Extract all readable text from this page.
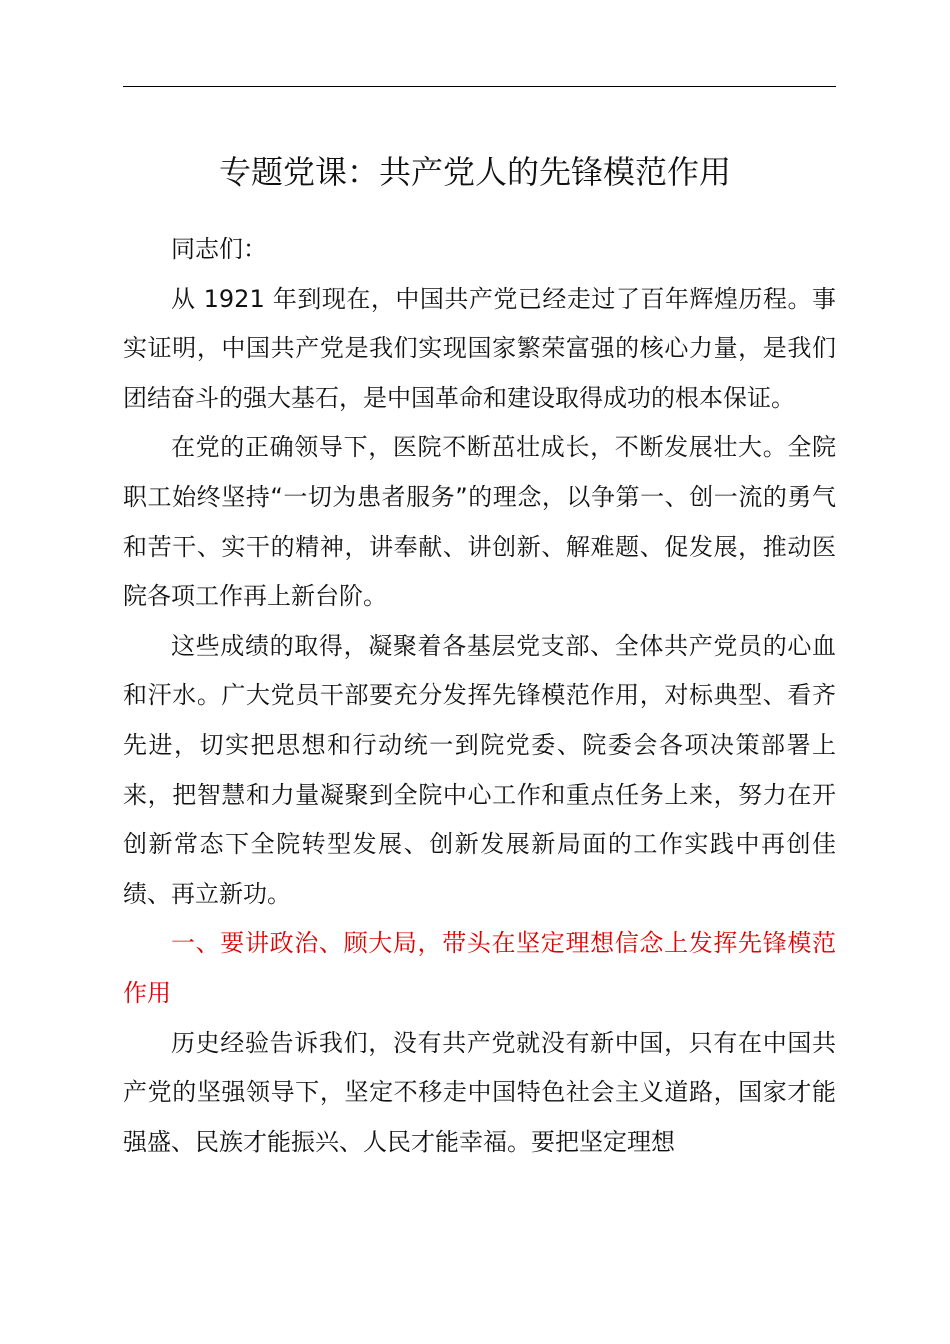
专题党课：共产党人的先锋模范作用

同志们：

从 1921 年到现在，中国共产党已经走过了百年辉煌历程。事实证明，中国共产党是我们实现国家繁荣富强的核心力量，是我们团结奋斗的强大基石，是中国革命和建设取得成功的根本保证。

在党的正确领导下，医院不断茁壮成长，不断发展壮大。全院职工始终坚持“一切为患者服务”的理念，以争第一、创一流的勇气和苦干、实干的精神，讲奉献、讲创新、解难题、促发展，推动医院各项工作再上新台阶。

这些成绩的取得，凝聚着各基层党支部、全体共产党员的心血和汗水。广大党员干部要充分发挥先锋模范作用，对标典型、看齐先进，切实把思想和行动统一到院党委、院委会各项决策部署上来，把智慧和力量凝聚到全院中心工作和重点任务上来，努力在开创新常态下全院转型发展、创新发展新局面的工作实践中再创佳绩、再立新功。

一、要讲政治、顾大局，带头在坚定理想信念上发挥先锋模范作用

历史经验告诉我们，没有共产党就没有新中国，只有在中国共产党的坚强领导下，坚定不移走中国特色社会主义道路，国家才能强盛、民族才能振兴、人民才能幸福。要把坚定理想
